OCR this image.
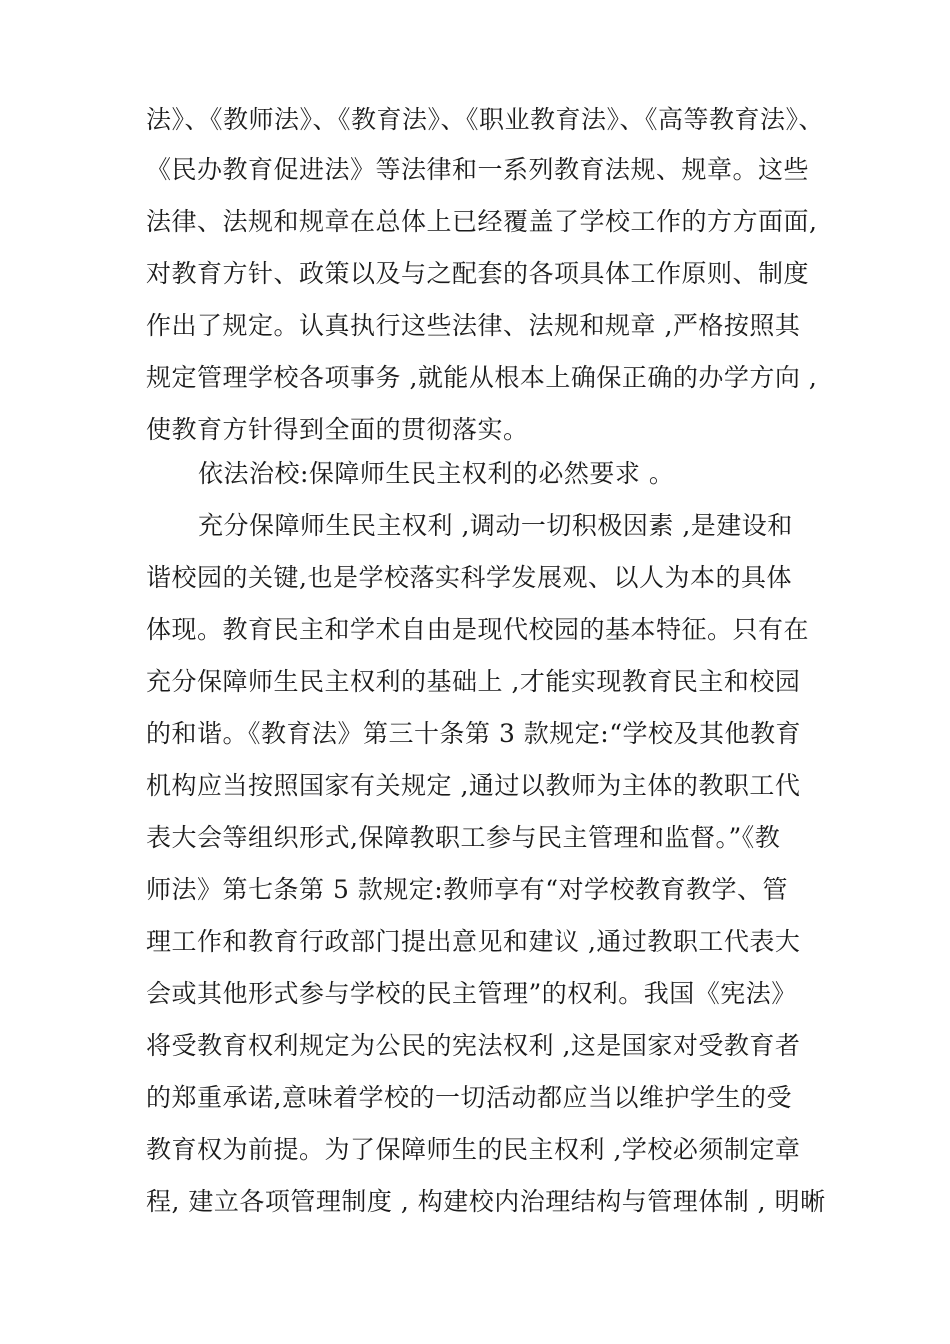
法》、《教师法》、《教育法》、《职业教育法》、《高等教育法》、
《民办教育促进法》等法律和一系列教育法规、规章。这些
法律、法规和规章在总体上已经覆盖了学校工作的方方面面,
对教育方针、政策以及与之配套的各项具体工作原则、制度
作出了规定。认真执行这些法律、法规和规章 ,严格按照其
规定管理学校各项事务 ,就能从根本上确保正确的办学方向 ,
使教育方针得到全面的贯彻落实。
依法治校:保障师生民主权利的必然要求 。
充分保障师生民主权利 ,调动一切积极因素 ,是建设和
谐校园的关键,也是学校落实科学发展观、以人为本的具体
体现。教育民主和学术自由是现代校园的基本特征。只有在
充分保障师生民主权利的基础上 ,才能实现教育民主和校园
的和谐。《教育法》第三十条第 3 款规定:“学校及其他教育
机构应当按照国家有关规定 ,通过以教师为主体的教职工代
表大会等组织形式,保障教职工参与民主管理和监督。”《教
师法》第七条第 5 款规定:教师享有“对学校教育教学、管
理工作和教育行政部门提出意见和建议 ,通过教职工代表大
会或其他形式参与学校的民主管理”的权利。我国《宪法》
将受教育权利规定为公民的宪法权利 ,这是国家对受教育者
的郑重承诺,意味着学校的一切活动都应当以维护学生的受
教育权为前提。为了保障师生的民主权利 ,学校必须制定章
程, 建立各项管理制度 , 构建校内治理结构与管理体制 , 明晰
